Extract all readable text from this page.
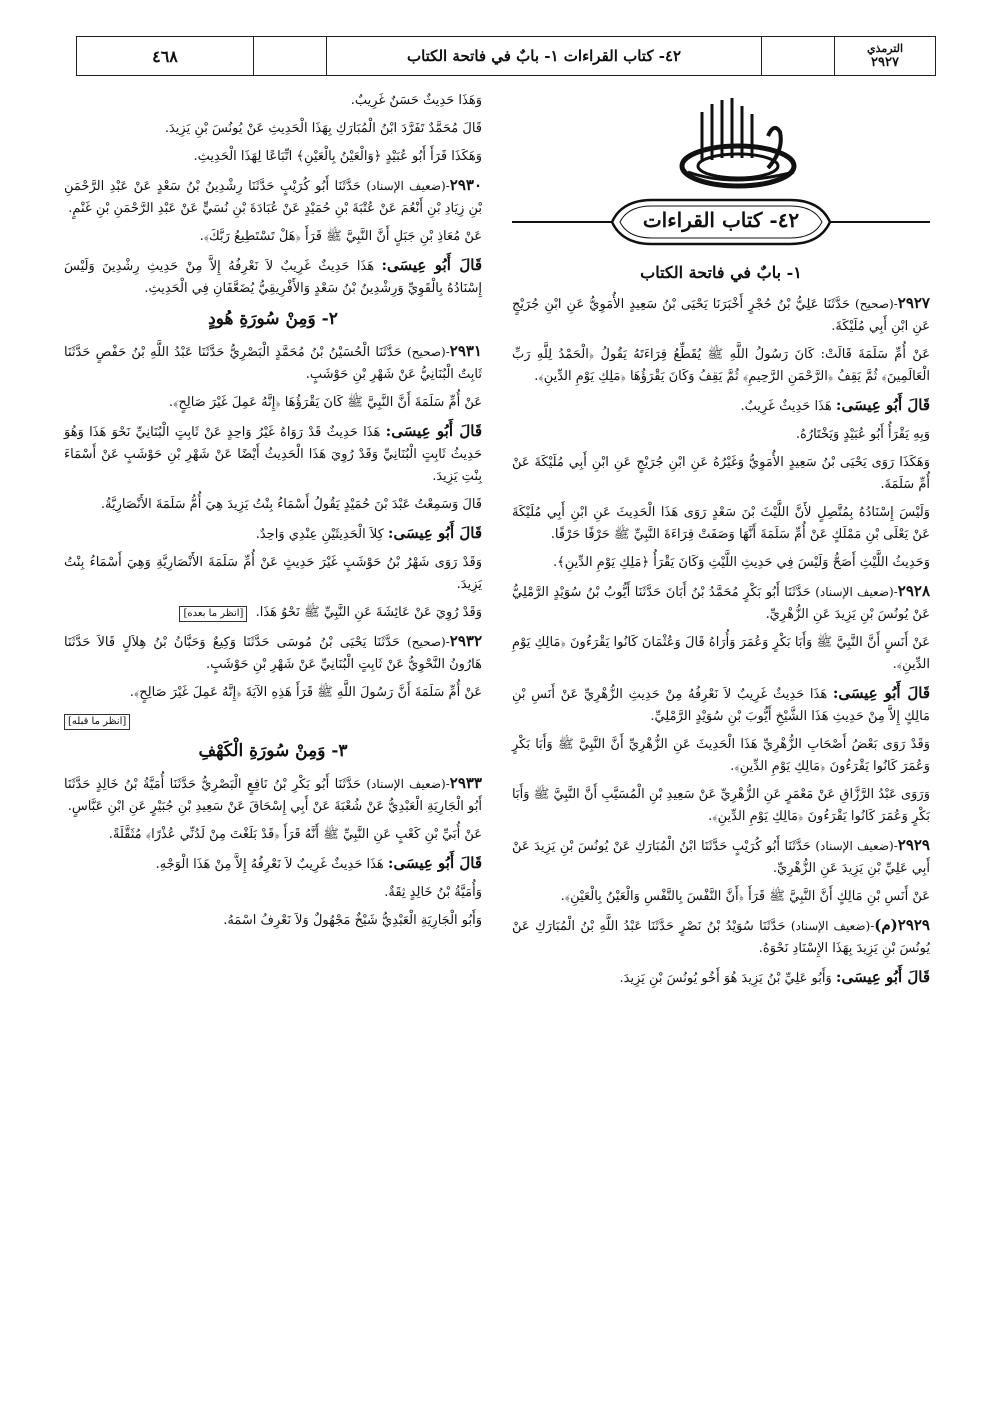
الترمذي
٢٩٢٧
٤٢- كتاب القراءات ١- بابٌ في فاتحة الكتاب
٤٦٨
٤٢- كتاب القراءات
١- بابٌ في فاتحة الكتاب

٢٩٢٧-(صحيح) حَدَّثَنَا عَلِيُّ بْنُ حُجْرٍ أَخْبَرَنَا يَحْيَى بْنُ سَعِيدٍ الأُمَوِيُّ عَنِ ابْنِ جُرَيْجٍ عَنِ ابْنِ أَبِي مُلَيْكَةَ.

عَنْ أُمِّ سَلَمَةَ قَالَتْ: كَانَ رَسُولُ اللَّهِ ﷺ يُقَطِّعُ قِرَاءَتَهُ يَقُولُ ﴿الْحَمْدُ لِلَّهِ رَبِّ الْعَالَمِينَ﴾ ثُمَّ يَقِفُ ﴿الرَّحْمَنِ الرَّحِيمِ﴾ ثُمَّ يَقِفُ وَكَانَ يَقْرَؤُهَا ﴿مَلِكِ يَوْمِ الدِّينِ﴾.

قَالَ أَبُو عِيسَى: هَذَا حَدِيثٌ غَرِيبٌ.

وَبِهِ يَقْرَأُ أَبُو عُبَيْدٍ وَيَخْتَارُهُ.

وَهَكَذَا رَوَى يَحْيَى بْنُ سَعِيدٍ الأُمَوِيُّ وَغَيْرُهُ عَنِ ابْنِ جُرَيْجٍ عَنِ ابْنِ أَبِي مُلَيْكَةَ عَنْ أُمِّ سَلَمَةَ.

وَلَيْسَ إِسْنَادُهُ بِمُتَّصِلٍ لأَنَّ اللَّيْثَ بْنَ سَعْدٍ رَوَى هَذَا الْحَدِيثَ عَنِ ابْنِ أَبِي مُلَيْكَةَ عَنْ يَعْلَى بْنِ مَمْلَكٍ عَنْ أُمِّ سَلَمَةَ أَنَّهَا وَصَفَتْ قِرَاءَةَ النَّبِيِّ ﷺ حَرْفًا حَرْفًا.

وَحَدِيثُ اللَّيْثِ أَصَحُّ وَلَيْسَ فِي حَدِيثِ اللَّيْثِ وَكَانَ يَقْرَأُ ﴿مَلِكِ يَوْمِ الدِّينِ﴾.

٢٩٢٨-(ضعيف الإسناد) حَدَّثَنَا أَبُو بَكْرٍ مُحَمَّدُ بْنُ أَبَانَ حَدَّثَنَا أَيُّوبُ بْنُ سُوَيْدٍ الرَّمْلِيُّ عَنْ يُونُسَ بْنِ يَزِيدَ عَنِ الزُّهْرِيِّ.

عَنْ أَنَسٍ أَنَّ النَّبِيَّ ﷺ وَأَبَا بَكْرٍ وَعُمَرَ وَأُرَاهُ قَالَ وَعُثْمَانَ كَانُوا يَقْرَءُونَ ﴿مَالِكِ يَوْمِ الدِّينِ﴾.

قَالَ أَبُو عِيسَى: هَذَا حَدِيثٌ غَرِيبٌ لاَ نَعْرِفُهُ مِنْ حَدِيثِ الزُّهْرِيِّ عَنْ أَنَسِ بْنِ مَالِكٍ إِلاَّ مِنْ حَدِيثِ هَذَا الشَّيْخِ أَيُّوبَ بْنِ سُوَيْدٍ الرَّمْلِيِّ.

وَقَدْ رَوَى بَعْضُ أَصْحَابِ الزُّهْرِيِّ هَذَا الْحَدِيثَ عَنِ الزُّهْرِيِّ أَنَّ النَّبِيَّ ﷺ وَأَبَا بَكْرٍ وَعُمَرَ كَانُوا يَقْرَءُونَ ﴿مَالِكِ يَوْمِ الدِّينِ﴾.

وَرَوَى عَبْدُ الرَّزَّاقِ عَنْ مَعْمَرٍ عَنِ الزُّهْرِيِّ عَنْ سَعِيدِ بْنِ الْمُسَيَّبِ أَنَّ النَّبِيَّ ﷺ وَأَبَا بَكْرٍ وَعُمَرَ كَانُوا يَقْرَءُونَ ﴿مَالِكِ يَوْمِ الدِّينِ﴾.

٢٩٢٩-(ضعيف الإسناد) حَدَّثَنَا أَبُو كُرَيْبٍ حَدَّثَنَا ابْنُ الْمُبَارَكِ عَنْ يُونُسَ بْنِ يَزِيدَ عَنْ أَبِي عَلِيِّ بْنِ يَزِيدَ عَنِ الزُّهْرِيِّ.

عَنْ أَنَسِ بْنِ مَالِكٍ أَنَّ النَّبِيَّ ﷺ قَرَأَ ﴿أَنَّ النَّفْسَ بِالنَّفْسِ وَالْعَيْنُ بِالْعَيْنِ﴾.

٢٩٢٩(م)-(ضعيف الإسناد) حَدَّثَنَا سُوَيْدُ بْنُ نَصْرٍ حَدَّثَنَا عَبْدُ اللَّهِ بْنُ الْمُبَارَكِ عَنْ يُونُسَ بْنِ يَزِيدَ بِهَذَا الإِسْنَادِ نَحْوَهُ.

قَالَ أَبُو عِيسَى: وَأَبُو عَلِيِّ بْنُ يَزِيدَ هُوَ أَخُو يُونُسَ بْنِ يَزِيدَ.

وَهَذَا حَدِيثٌ حَسَنٌ غَرِيبٌ.

قَالَ مُحَمَّدٌ تَفَرَّدَ ابْنُ الْمُبَارَكِ بِهَذَا الْحَدِيثِ عَنْ يُونُسَ بْنِ يَزِيدَ.

وَهَكَذَا قَرَأَ أَبُو عُبَيْدٍ ﴿وَالْعَيْنُ بِالْعَيْنِ﴾ اتِّبَاعًا لِهَذَا الْحَدِيثِ.

٢٩٣٠-(ضعيف الإسناد) حَدَّثَنَا أَبُو كُرَيْبٍ حَدَّثَنَا رِشْدِينُ بْنُ سَعْدٍ عَنْ عَبْدِ الرَّحْمَنِ بْنِ زِيَادِ بْنِ أَنْعُمَ عَنْ عُتْبَةَ بْنِ حُمَيْدٍ عَنْ عُبَادَةَ بْنِ نُسَيٍّ عَنْ عَبْدِ الرَّحْمَنِ بْنِ غَنْمٍ.

عَنْ مُعَاذِ بْنِ جَبَلٍ أَنَّ النَّبِيَّ ﷺ قَرَأَ ﴿هَلْ تَسْتَطِيعُ رَبَّكَ﴾.

قَالَ أَبُو عِيسَى: هَذَا حَدِيثٌ غَرِيبٌ لاَ نَعْرِفُهُ إِلاَّ مِنْ حَدِيثِ رِشْدِينَ وَلَيْسَ إِسْنَادُهُ بِالْقَوِيِّ وَرِشْدِينُ بْنُ سَعْدٍ وَالأَفْرِيقِيُّ يُضَعَّفَانِ فِي الْحَدِيثِ.

٢- وَمِنْ سُورَةِ هُودٍ

٢٩٣١-(صحيح) حَدَّثَنَا الْحُسَيْنُ بْنُ مُحَمَّدٍ الْبَصْرِيُّ حَدَّثَنَا عَبْدُ اللَّهِ بْنُ حَفْصٍ حَدَّثَنَا ثَابِتٌ الْبُنَانِيُّ عَنْ شَهْرِ بْنِ حَوْشَبٍ.

عَنْ أُمِّ سَلَمَةَ أَنَّ النَّبِيَّ ﷺ كَانَ يَقْرَؤُهَا ﴿إِنَّهُ عَمِلَ غَيْرَ صَالِحٍ﴾.

قَالَ أَبُو عِيسَى: هَذَا حَدِيثٌ قَدْ رَوَاهُ غَيْرُ وَاحِدٍ عَنْ ثَابِتٍ الْبُنَانِيِّ نَحْوَ هَذَا وَهُوَ حَدِيثُ ثَابِتٍ الْبُنَانِيِّ وَقَدْ رُوِيَ هَذَا الْحَدِيثُ أَيْضًا عَنْ شَهْرِ بْنِ حَوْشَبٍ عَنْ أَسْمَاءَ بِنْتِ يَزِيدَ.

قَالَ وَسَمِعْتُ عَبْدَ بْنَ حُمَيْدٍ يَقُولُ أَسْمَاءُ بِنْتُ يَزِيدَ هِيَ أُمُّ سَلَمَةَ الأَنْصَارِيَّةُ.

قَالَ أَبُو عِيسَى: كِلاَ الْحَدِيثَيْنِ عِنْدِي وَاحِدٌ.

وَقَدْ رَوَى شَهْرُ بْنُ حَوْشَبٍ غَيْرَ حَدِيثٍ عَنْ أُمِّ سَلَمَةَ الأَنْصَارِيَّةِ وَهِيَ أَسْمَاءُ بِنْتُ يَزِيدَ.

وَقَدْ رُوِيَ عَنْ عَائِشَةَ عَنِ النَّبِيِّ ﷺ نَحْوُ هَذَا. [انظر ما بعده]

٢٩٣٢-(صحيح) حَدَّثَنَا يَحْيَى بْنُ مُوسَى حَدَّثَنَا وَكِيعٌ وَحَبَّانُ بْنُ هِلاَلٍ قَالاَ حَدَّثَنَا هَارُونُ النَّحْوِيُّ عَنْ ثَابِتٍ الْبُنَانِيِّ عَنْ شَهْرِ بْنِ حَوْشَبٍ.

عَنْ أُمِّ سَلَمَةَ أَنَّ رَسُولَ اللَّهِ ﷺ قَرَأَ هَذِهِ الآيَةَ ﴿إِنَّهُ عَمِلَ غَيْرَ صَالِحٍ﴾.

[انظر ما قبله]

٣- وَمِنْ سُورَةِ الْكَهْفِ

٢٩٣٣-(ضعيف الإسناد) حَدَّثَنَا أَبُو بَكْرِ بْنُ نَافِعٍ الْبَصْرِيُّ حَدَّثَنَا أُمَيَّةُ بْنُ خَالِدٍ حَدَّثَنَا أَبُو الْجَارِيَةِ الْعَبْدِيُّ عَنْ شُعْبَةَ عَنْ أَبِي إِسْحَاقَ عَنْ سَعِيدِ بْنِ جُبَيْرٍ عَنِ ابْنِ عَبَّاسٍ.

عَنْ أُبَيِّ بْنِ كَعْبٍ عَنِ النَّبِيِّ ﷺ أَنَّهُ قَرَأَ ﴿قَدْ بَلَغْتَ مِنْ لَدُنِّي عُذْرًا﴾ مُثَقَّلَةً.

قَالَ أَبُو عِيسَى: هَذَا حَدِيثٌ غَرِيبٌ لاَ نَعْرِفُهُ إِلاَّ مِنْ هَذَا الْوَجْهِ.

وَأُمَيَّةُ بْنُ خَالِدٍ ثِقَةٌ.

وَأَبُو الْجَارِيَةِ الْعَبْدِيُّ شَيْخٌ مَجْهُولٌ وَلاَ نَعْرِفُ اسْمَهُ.
